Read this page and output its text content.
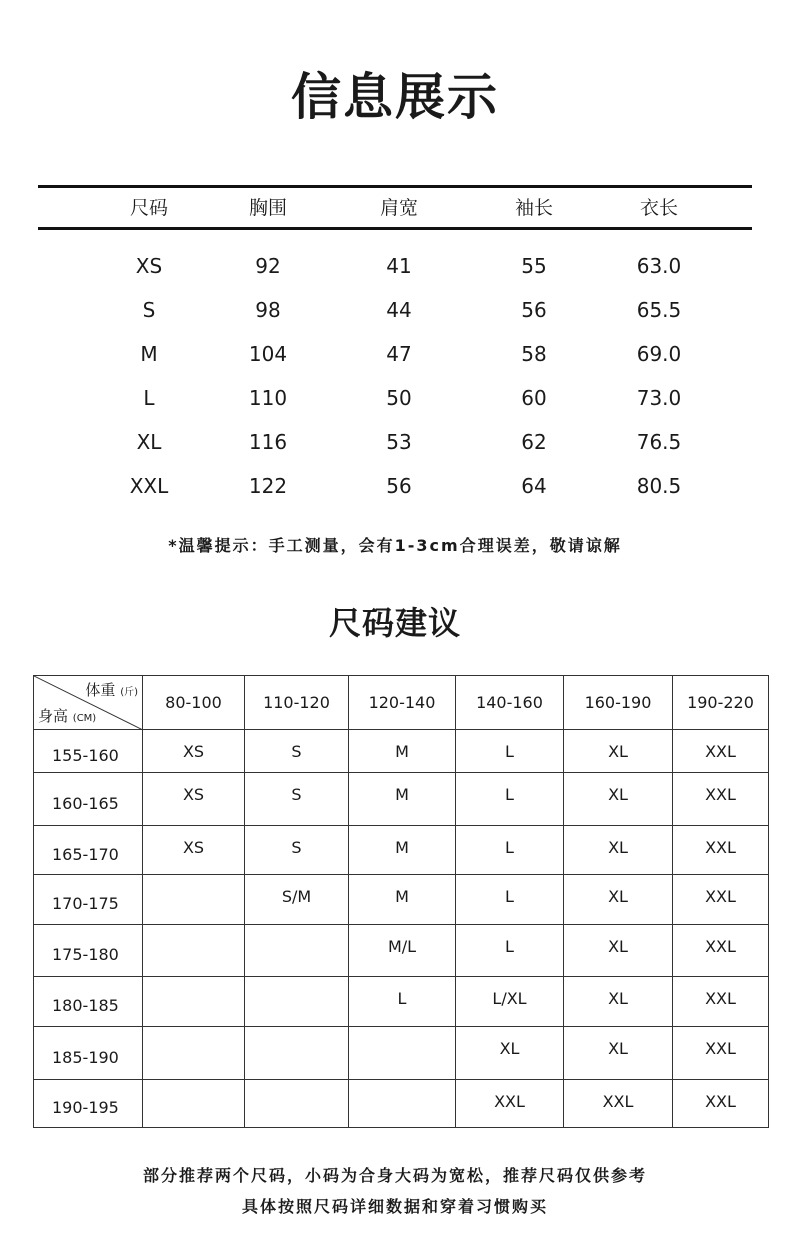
信息展示
尺码	胸围	肩宽	袖长	衣长
XS	92	41	55	63.0
S	98	44	56	65.5
M	104	47	58	69.0
L	110	50	60	73.0
XL	116	53	62	76.5
XXL	122	56	64	80.5
*温馨提示：手工测量，会有1-3cm合理误差，敬请谅解
尺码建议
体重 (斤)
身高 (CM)	80-100	110-120	120-140	140-160	160-190	190-220
155-160	XS	S	M	L	XL	XXL
160-165	XS	S	M	L	XL	XXL
165-170	XS	S	M	L	XL	XXL
170-175		S/M	M	L	XL	XXL
175-180			M/L	L	XL	XXL
180-185			L	L/XL	XL	XXL
185-190				XL	XL	XXL
190-195				XXL	XXL	XXL
部分推荐两个尺码，小码为合身大码为宽松，推荐尺码仅供参考
具体按照尺码详细数据和穿着习惯购买
